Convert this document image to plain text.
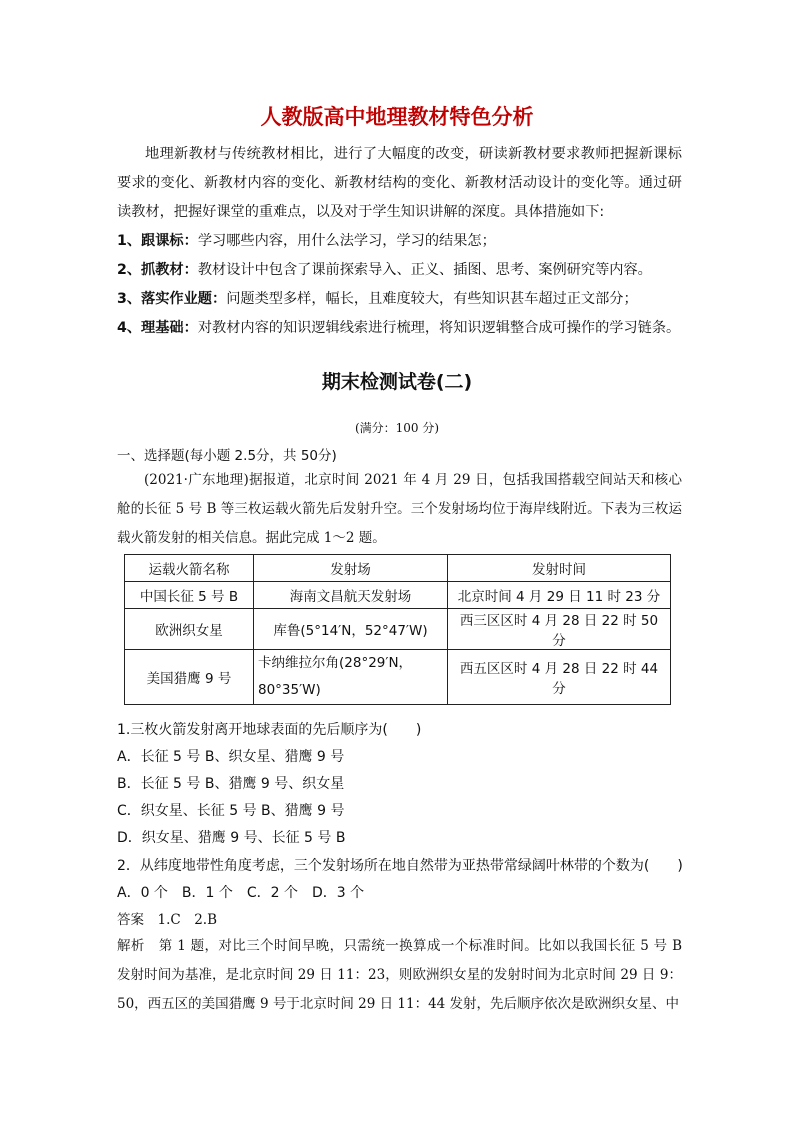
人教版高中地理教材特色分析
地理新教材与传统教材相比，进行了大幅度的改变，研读新教材要求教师把握新课标要求的变化、新教材内容的变化、新教材结构的变化、新教材活动设计的变化等。通过研读教材，把握好课堂的重难点，以及对于学生知识讲解的深度。具体措施如下:
1、跟课标：学习哪些内容，用什么法学习，学习的结果怎；
2、抓教材：教材设计中包含了课前探索导入、正义、插图、思考、案例研究等内容。
3、落实作业题：问题类型多样，幅长，且难度较大，有些知识甚车超过正文部分；
4、理基础：对教材内容的知识逻辑线索进行梳理，将知识逻辑整合成可操作的学习链条。
期末检测试卷(二)
(满分：100 分)
一、选择题(每小题 2.5分，共 50分)
(2021·广东地理)据报道，北京时间 2021 年 4 月 29 日，包括我国搭载空间站天和核心舱的长征 5 号 B 等三枚运载火箭先后发射升空。三个发射场均位于海岸线附近。下表为三枚运载火箭发射的相关信息。据此完成 1～2 题。
运载火箭名称	发射场	发射时间
中国长征 5 号 B	海南文昌航天发射场	北京时间 4 月 29 日 11 时 23 分
欧洲织女星	库鲁(5°14′N，52°47′W)	西三区区时 4 月 28 日 22 时 50 分
美国猎鹰 9 号	卡纳维拉尔角(28°29′N，80°35′W)	西五区区时 4 月 28 日 22 时 44 分
1.三枚火箭发射离开地球表面的先后顺序为(　　)
A．长征 5 号 B、织女星、猎鹰 9 号
B．长征 5 号 B、猎鹰 9 号、织女星
C．织女星、长征 5 号 B、猎鹰 9 号
D．织女星、猎鹰 9 号、长征 5 号 B
2．从纬度地带性角度考虑，三个发射场所在地自然带为亚热带常绿阔叶林带的个数为(　　)
A．0 个　B．1 个　C．2 个　D．3 个
答案　1.C　2.B
解析　第 1 题，对比三个时间早晚，只需统一换算成一个标准时间。比如以我国长征 5 号 B 发射时间为基准，是北京时间 29 日 11：23，则欧洲织女星的发射时间为北京时间 29 日 9：50，西五区的美国猎鹰 9 号于北京时间 29 日 11：44 发射，先后顺序依次是欧洲织女星、中
